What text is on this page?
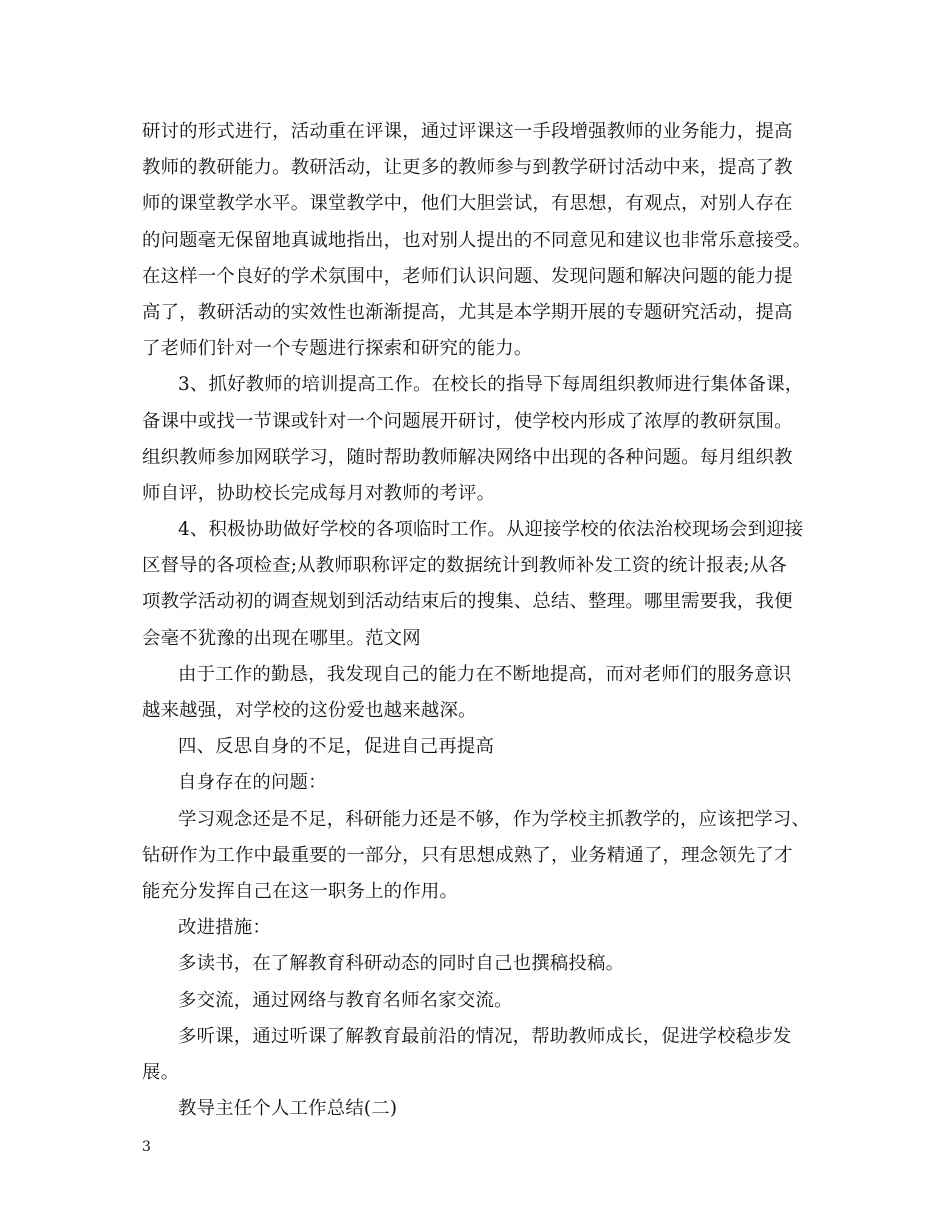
研讨的形式进行，活动重在评课，通过评课这一手段增强教师的业务能力，提高
教师的教研能力。教研活动，让更多的教师参与到教学研讨活动中来，提高了教
师的课堂教学水平。课堂教学中，他们大胆尝试，有思想，有观点，对别人存在
的问题毫无保留地真诚地指出，也对别人提出的不同意见和建议也非常乐意接受。
在这样一个良好的学术氛围中，老师们认识问题、发现问题和解决问题的能力提
高了，教研活动的实效性也渐渐提高，尤其是本学期开展的专题研究活动，提高
了老师们针对一个专题进行探索和研究的能力。
3、抓好教师的培训提高工作。在校长的指导下每周组织教师进行集体备课，
备课中或找一节课或针对一个问题展开研讨，使学校内形成了浓厚的教研氛围。
组织教师参加网联学习，随时帮助教师解决网络中出现的各种问题。每月组织教
师自评，协助校长完成每月对教师的考评。
4、积极协助做好学校的各项临时工作。从迎接学校的依法治校现场会到迎接
区督导的各项检查;从教师职称评定的数据统计到教师补发工资的统计报表;从各
项教学活动初的调查规划到活动结束后的搜集、总结、整理。哪里需要我，我便
会毫不犹豫的出现在哪里。范文网
由于工作的勤恳，我发现自己的能力在不断地提高，而对老师们的服务意识
越来越强，对学校的这份爱也越来越深。
四、反思自身的不足，促进自己再提高
自身存在的问题：
学习观念还是不足，科研能力还是不够，作为学校主抓教学的，应该把学习、
钻研作为工作中最重要的一部分，只有思想成熟了，业务精通了，理念领先了才
能充分发挥自己在这一职务上的作用。
改进措施：
多读书，在了解教育科研动态的同时自己也撰稿投稿。
多交流，通过网络与教育名师名家交流。
多听课，通过听课了解教育最前沿的情况，帮助教师成长，促进学校稳步发
展。
教导主任个人工作总结(二)
3
